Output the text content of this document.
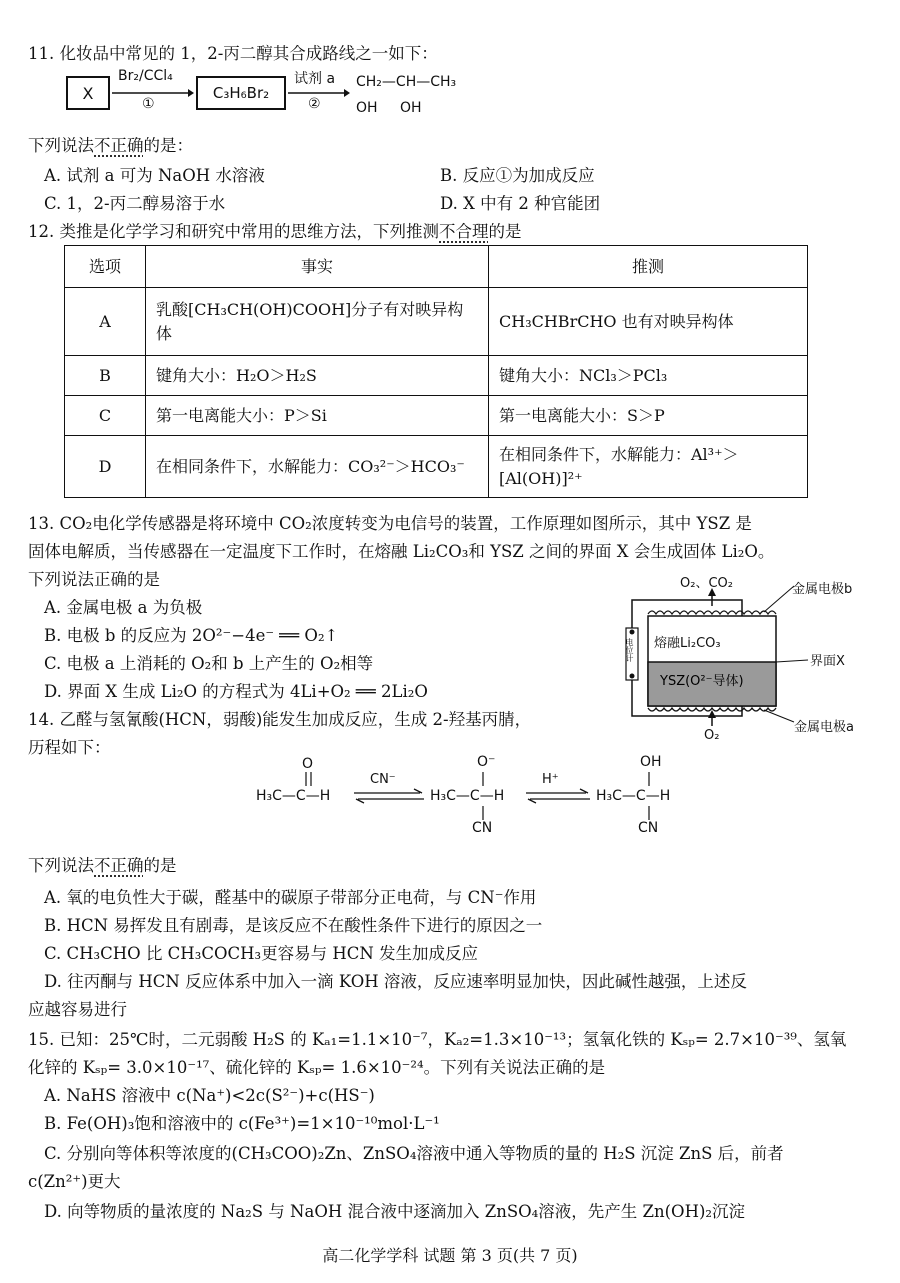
11. 化妆品中常见的 1，2-丙二醇其合成路线之一如下：
X
Br₂/CCl₄
①
C₃H₆Br₂
试剂 a
②
CH₂—CH—CH₃
OH OH
下列说法不正确的是：
A. 试剂 a 可为 NaOH 水溶液	B. 反应①为加成反应
C. 1，2-丙二醇易溶于水	D. X 中有 2 种官能团
12. 类推是化学学习和研究中常用的思维方法，下列推测不合理的是
选项	事实	推测
A	乳酸[CH₃CH(OH)COOH]分子有对映异构体	CH₃CHBrCHO 也有对映异构体
B	键角大小：H₂O＞H₂S	键角大小：NCl₃＞PCl₃
C	第一电离能大小：P＞Si	第一电离能大小：S＞P
D	在相同条件下，水解能力：CO₃²⁻＞HCO₃⁻	在相同条件下，水解能力：Al³⁺＞[Al(OH)]²⁺
13. CO₂电化学传感器是将环境中 CO₂浓度转变为电信号的装置，工作原理如图所示，其中 YSZ 是
固体电解质，当传感器在一定温度下工作时，在熔融 Li₂CO₃和 YSZ 之间的界面 X 会生成固体 Li₂O。
下列说法正确的是
A. 金属电极 a 为负极
B. 电极 b 的反应为 2O²⁻−4e⁻ ══ O₂↑
C. 电极 a 上消耗的 O₂和 b 上产生的 O₂相等
D. 界面 X 生成 Li₂O 的方程式为 4Li+O₂ ══ 2Li₂O
O₂、CO₂	金属电极b
熔融Li₂CO₃
界面X
YSZ(O²⁻导体)
电位计
金属电极a
O₂
14. 乙醛与氢氰酸(HCN，弱酸)能发生加成反应，生成 2-羟基丙腈，
历程如下：
O
H₃C—C—H
CN⁻
O⁻
H₃C—C—H
CN
H⁺
OH
H₃C—C—H
CN
下列说法不正确的是
A. 氧的电负性大于碳，醛基中的碳原子带部分正电荷，与 CN⁻作用
B. HCN 易挥发且有剧毒，是该反应不在酸性条件下进行的原因之一
C. CH₃CHO 比 CH₃COCH₃更容易与 HCN 发生加成反应
D. 往丙酮与 HCN 反应体系中加入一滴 KOH 溶液，反应速率明显加快，因此碱性越强，上述反
应越容易进行
15. 已知：25℃时，二元弱酸 H₂S 的 Kₐ₁=1.1×10⁻⁷，Kₐ₂=1.3×10⁻¹³；氢氧化铁的 Kₛₚ= 2.7×10⁻³⁹、氢氧
化锌的 Kₛₚ= 3.0×10⁻¹⁷、硫化锌的 Kₛₚ= 1.6×10⁻²⁴。下列有关说法正确的是
A. NaHS 溶液中 c(Na⁺)<2c(S²⁻)+c(HS⁻)
B. Fe(OH)₃饱和溶液中的 c(Fe³⁺)=1×10⁻¹⁰mol·L⁻¹
C. 分别向等体积等浓度的(CH₃COO)₂Zn、ZnSO₄溶液中通入等物质的量的 H₂S 沉淀 ZnS 后，前者
c(Zn²⁺)更大
D. 向等物质的量浓度的 Na₂S 与 NaOH 混合液中逐滴加入 ZnSO₄溶液，先产生 Zn(OH)₂沉淀
高二化学学科 试题 第 3 页(共 7 页)
